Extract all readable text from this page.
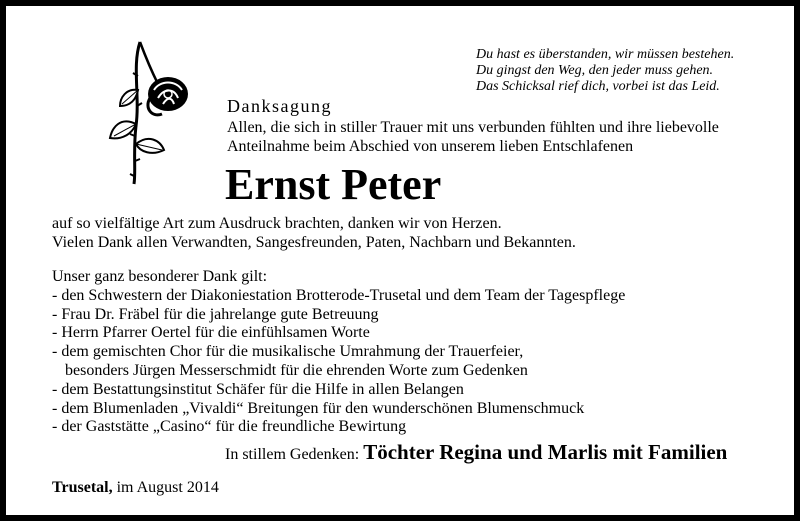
Du hast es überstanden, wir müssen bestehen.
Du gingst den Weg, den jeder muss gehen.
Das Schicksal rief dich, vorbei ist das Leid.
Danksagung
Allen, die sich in stiller Trauer mit uns verbunden fühlten und ihre liebevolle
Anteilnahme beim Abschied von unserem lieben Entschlafenen
Ernst Peter
auf so vielfältige Art zum Ausdruck brachten, danken wir von Herzen.
Vielen Dank allen Verwandten, Sangesfreunden, Paten, Nachbarn und Bekannten.
Unser ganz besonderer Dank gilt:
- den Schwestern der Diakoniestation Brotterode-Trusetal und dem Team der Tagespflege
- Frau Dr. Fräbel für die jahrelange gute Betreuung
- Herrn Pfarrer Oertel für die einfühlsamen Worte
- dem gemischten Chor für die musikalische Umrahmung der Trauerfeier,
besonders Jürgen Messerschmidt für die ehrenden Worte zum Gedenken
- dem Bestattungsinstitut Schäfer für die Hilfe in allen Belangen
- dem Blumenladen „Vivaldi“ Breitungen für den wunderschönen Blumenschmuck
- der Gaststätte „Casino“ für die freundliche Bewirtung
In stillem Gedenken: Töchter Regina und Marlis mit Familien
Trusetal, im August 2014
